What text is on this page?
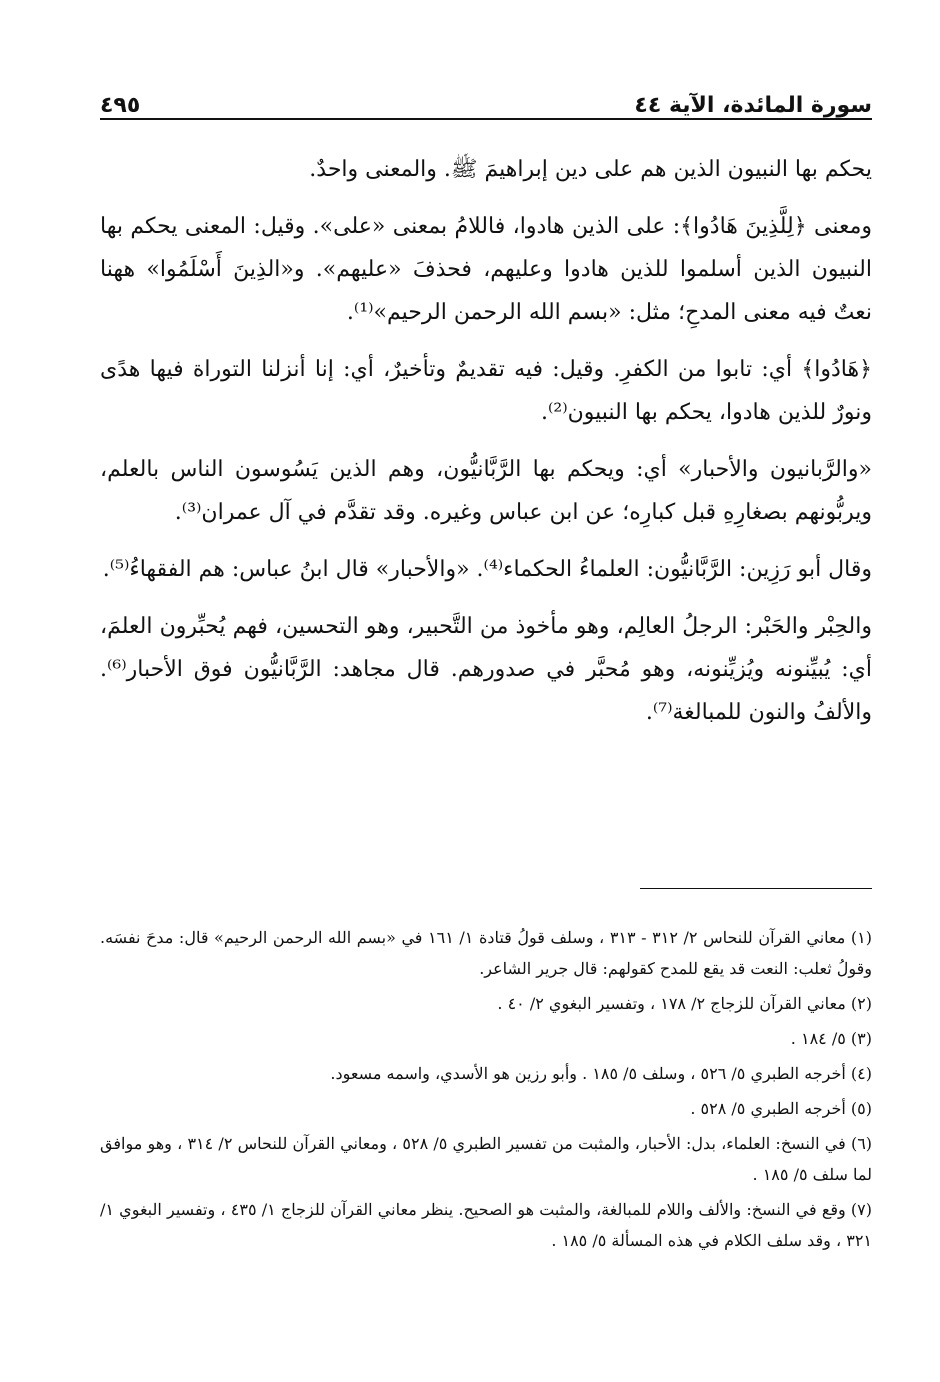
سورة المائدة، الآية ٤٤
٤٩٥

يحكم بها النبيون الذين هم على دين إبراهيمَ ﷺ. والمعنى واحدٌ.

ومعنى ﴿لِلَّذِينَ هَادُوا﴾: على الذين هادوا، فاللامُ بمعنى «على». وقيل: المعنى يحكم بها النبيون الذين أسلموا للذين هادوا وعليهم، فحذفَ «عليهم». و«الذِينَ أَسْلَمُوا» ههنا نعتٌ فيه معنى المدحِ؛ مثل: «بسم الله الرحمن الرحيم»⁽¹⁾.

﴿هَادُوا﴾ أي: تابوا من الكفرِ. وقيل: فيه تقديمٌ وتأخيرٌ، أي: إنا أنزلنا التوراة فيها هدًى ونورٌ للذين هادوا، يحكم بها النبيون⁽²⁾.

«والرَّبانيون والأحبار» أي: ويحكم بها الرَّبَّانيُّون، وهم الذين يَسُوسون الناس بالعلم، ويربُّونهم بصغارِهِ قبل كبارِه؛ عن ابن عباس وغيره. وقد تقدَّم في آل عمران⁽³⁾.

وقال أبو رَزِين: الرَّبَّانيُّون: العلماءُ الحكماء⁽⁴⁾. «والأحبار» قال ابنُ عباس: هم الفقهاءُ⁽⁵⁾.

والحِبْر والحَبْر: الرجلُ العالِم، وهو مأخوذ من التَّحبير، وهو التحسين، فهم يُحبِّرون العلمَ، أي: يُبيِّنونه ويُزيِّنونه، وهو مُحبَّر في صدورهم. قال مجاهد: الرَّبَّانيُّون فوق الأحبار⁽⁶⁾. والألفُ والنون للمبالغة⁽⁷⁾.

(١) معاني القرآن للنحاس ٢/ ٣١٢ - ٣١٣ ، وسلف قولُ قتادة ١/ ١٦١ في «بسم الله الرحمن الرحيم» قال: مدحَ نفسَه. وقولُ ثعلب: النعت قد يقع للمدح كقولهم: قال جرير الشاعر.

(٢) معاني القرآن للزجاج ٢/ ١٧٨ ، وتفسير البغوي ٢/ ٤٠ .

(٣) ٥/ ١٨٤ .

(٤) أخرجه الطبري ٥/ ٥٢٦ ، وسلف ٥/ ١٨٥ . وأبو رزين هو الأسدي، واسمه مسعود.

(٥) أخرجه الطبري ٥/ ٥٢٨ .

(٦) في النسخ: العلماء، بدل: الأحبار، والمثبت من تفسير الطبري ٥/ ٥٢٨ ، ومعاني القرآن للنحاس ٢/ ٣١٤ ، وهو موافق لما سلف ٥/ ١٨٥ .

(٧) وقع في النسخ: والألف واللام للمبالغة، والمثبت هو الصحيح. ينظر معاني القرآن للزجاج ١/ ٤٣٥ ، وتفسير البغوي ١/ ٣٢١ ، وقد سلف الكلام في هذه المسألة ٥/ ١٨٥ .
